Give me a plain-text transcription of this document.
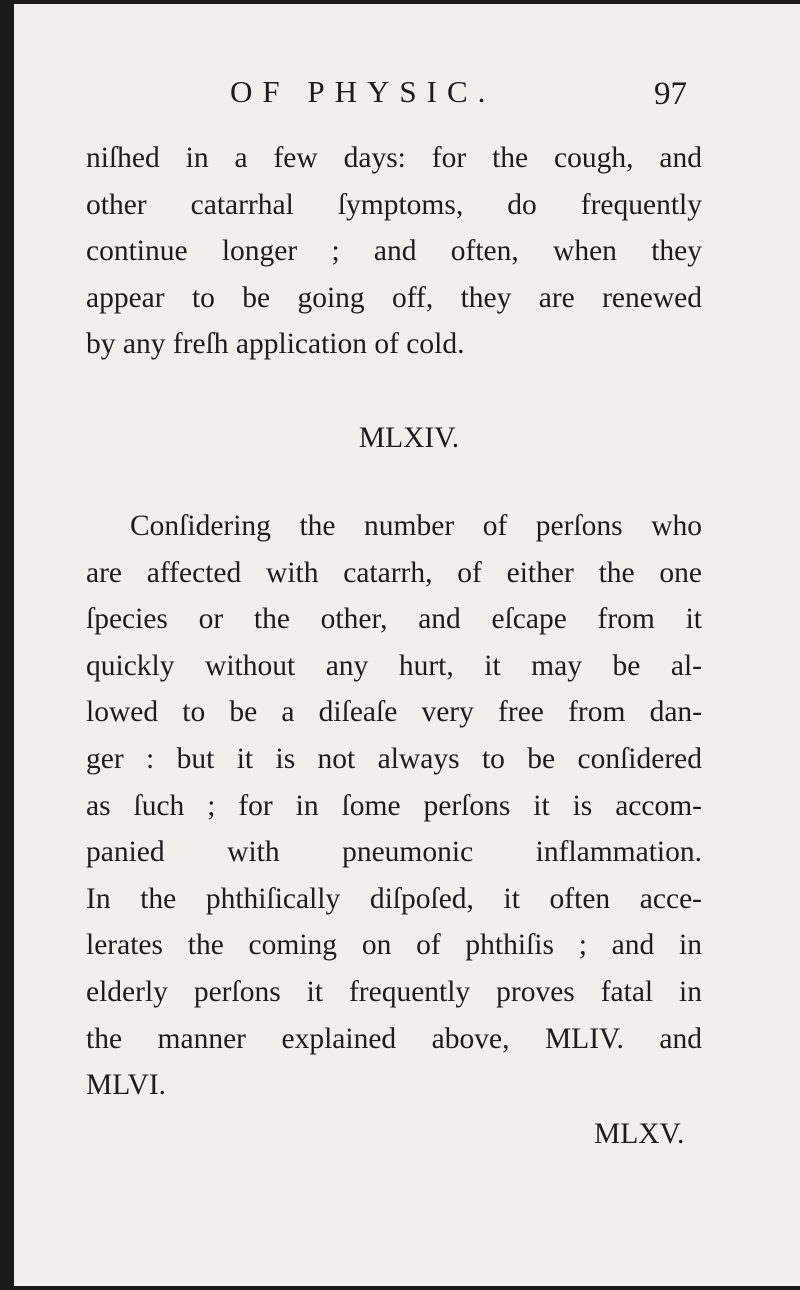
OF PHYSIC.	97
niſhed in a few days: for the cough, and
other catarrhal ſymptoms, do frequently
continue longer ; and often, when they
appear to be going off, they are renewed
by any freſh application of cold.
MLXIV.
Conſidering the number of perſons who
are affected with catarrh, of either the one
ſpecies or the other, and eſcape from it
quickly without any hurt, it may be al-
lowed to be a diſeaſe very free from dan-
ger : but it is not always to be conſidered
as ſuch ; for in ſome perſons it is accom-
panied with pneumonic inflammation.
In the phthiſically diſpoſed, it often acce-
lerates the coming on of phthiſis ; and in
elderly perſons it frequently proves fatal in
the manner explained above, MLIV. and
MLVI.
MLXV.
